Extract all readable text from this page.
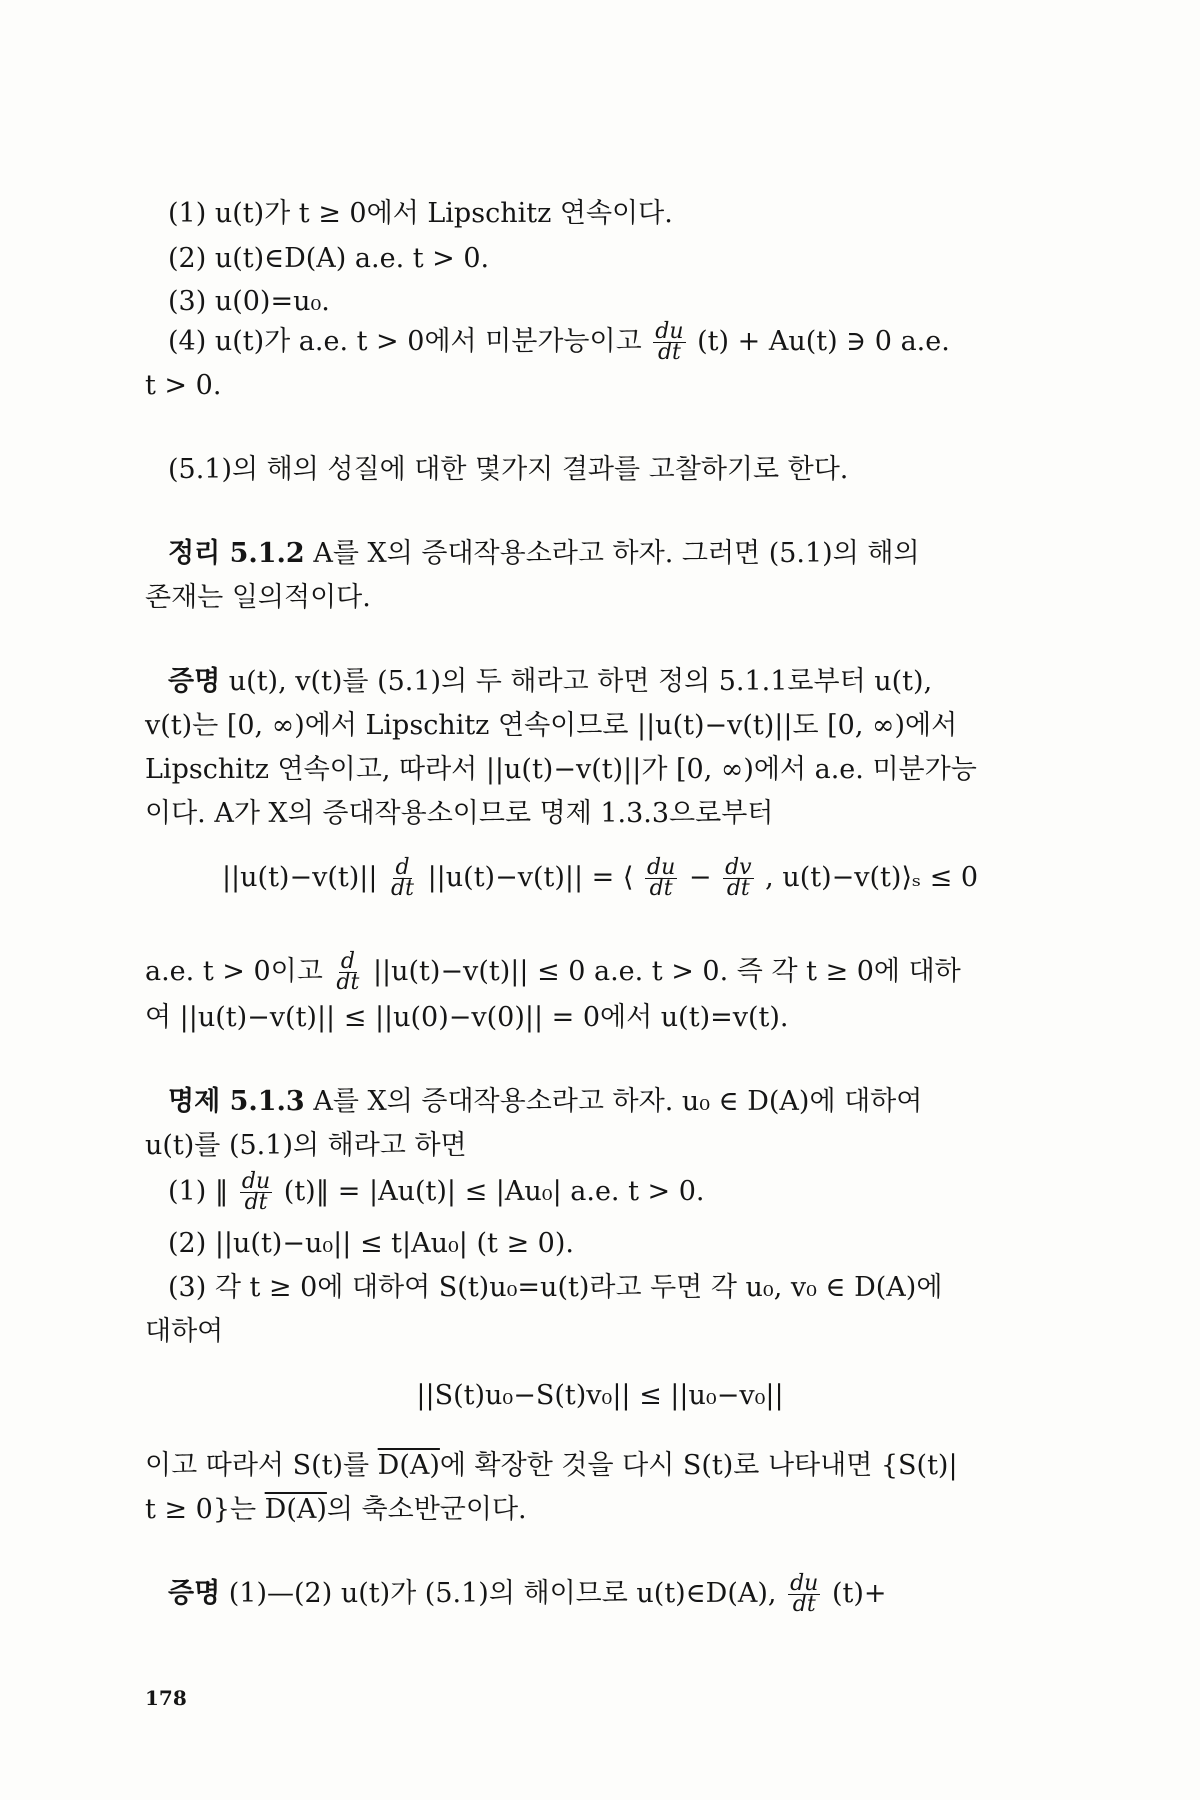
(1) u(t)가 t ≥ 0에서 Lipschitz 연속이다.
(2) u(t)∈D(A) a.e. t > 0.
(3) u(0)=u₀.
(4) u(t)가 a.e. t > 0에서 미분가능이고 $\frac{du}{dt} (t) + Au(t)$ ∋ 0 a.e.
t > 0.
(5.1)의 해의 성질에 대한 몇가지 결과를 고찰하기로 한다.
정리 5.1.2 A를 X의 증대작용소라고 하자. 그러면 (5.1)의 해의
존재는 일의적이다.
증명 u(t), v(t)를 (5.1)의 두 해라고 하면 정의 5.1.1로부터 u(t),
v(t)는 [0, ∞)에서 Lipschitz 연속이므로 ||u(t)−v(t)||도 [0, ∞)에서
Lipschitz 연속이고, 따라서 ||u(t)−v(t)||가 [0, ∞)에서 a.e. 미분가능
이다. A가 X의 증대작용소이므로 명제 1.3.3으로부터
$||u(t)-v(t)|| \frac{d}{dt} ||u(t)-v(t)||$ = ⟨ $\frac{du}{dt} - \frac{dv}{dt}$ , u(t)−v(t)⟩ₛ ≤ 0
a.e. t > 0이고 $\frac{d}{dt} ||u(t)-v(t)|| \le 0$ a.e. t > 0. 즉 각 t ≥ 0에 대하
여 ||u(t)−v(t)|| ≤ ||u(0)−v(0)|| = 0에서 u(t)=v(t).
명제 5.1.3 A를 X의 증대작용소라고 하자. u₀ ∈ D(A)에 대하여
u(t)를 (5.1)의 해라고 하면
(1) ‖ $\frac{du}{dt}$ (t)‖ = |Au(t)| ≤ |Au₀| a.e. t > 0.
(2) ||u(t)−u₀|| ≤ t|Au₀| (t ≥ 0).
(3) 각 t ≥ 0에 대하여 S(t)u₀=u(t)라고 두면 각 u₀, v₀ ∈ D(A)에
대하여
||S(t)u₀−S(t)v₀|| ≤ ||u₀−v₀||
이고 따라서 S(t)를 D(A)에 확장한 것을 다시 S(t)로 나타내면 {S(t)|
t ≥ 0}는 D(A)의 축소반군이다.
증명 (1)—(2) u(t)가 (5.1)의 해이므로 u(t)∈D(A), $\frac{du}{dt} (t)+$
178
